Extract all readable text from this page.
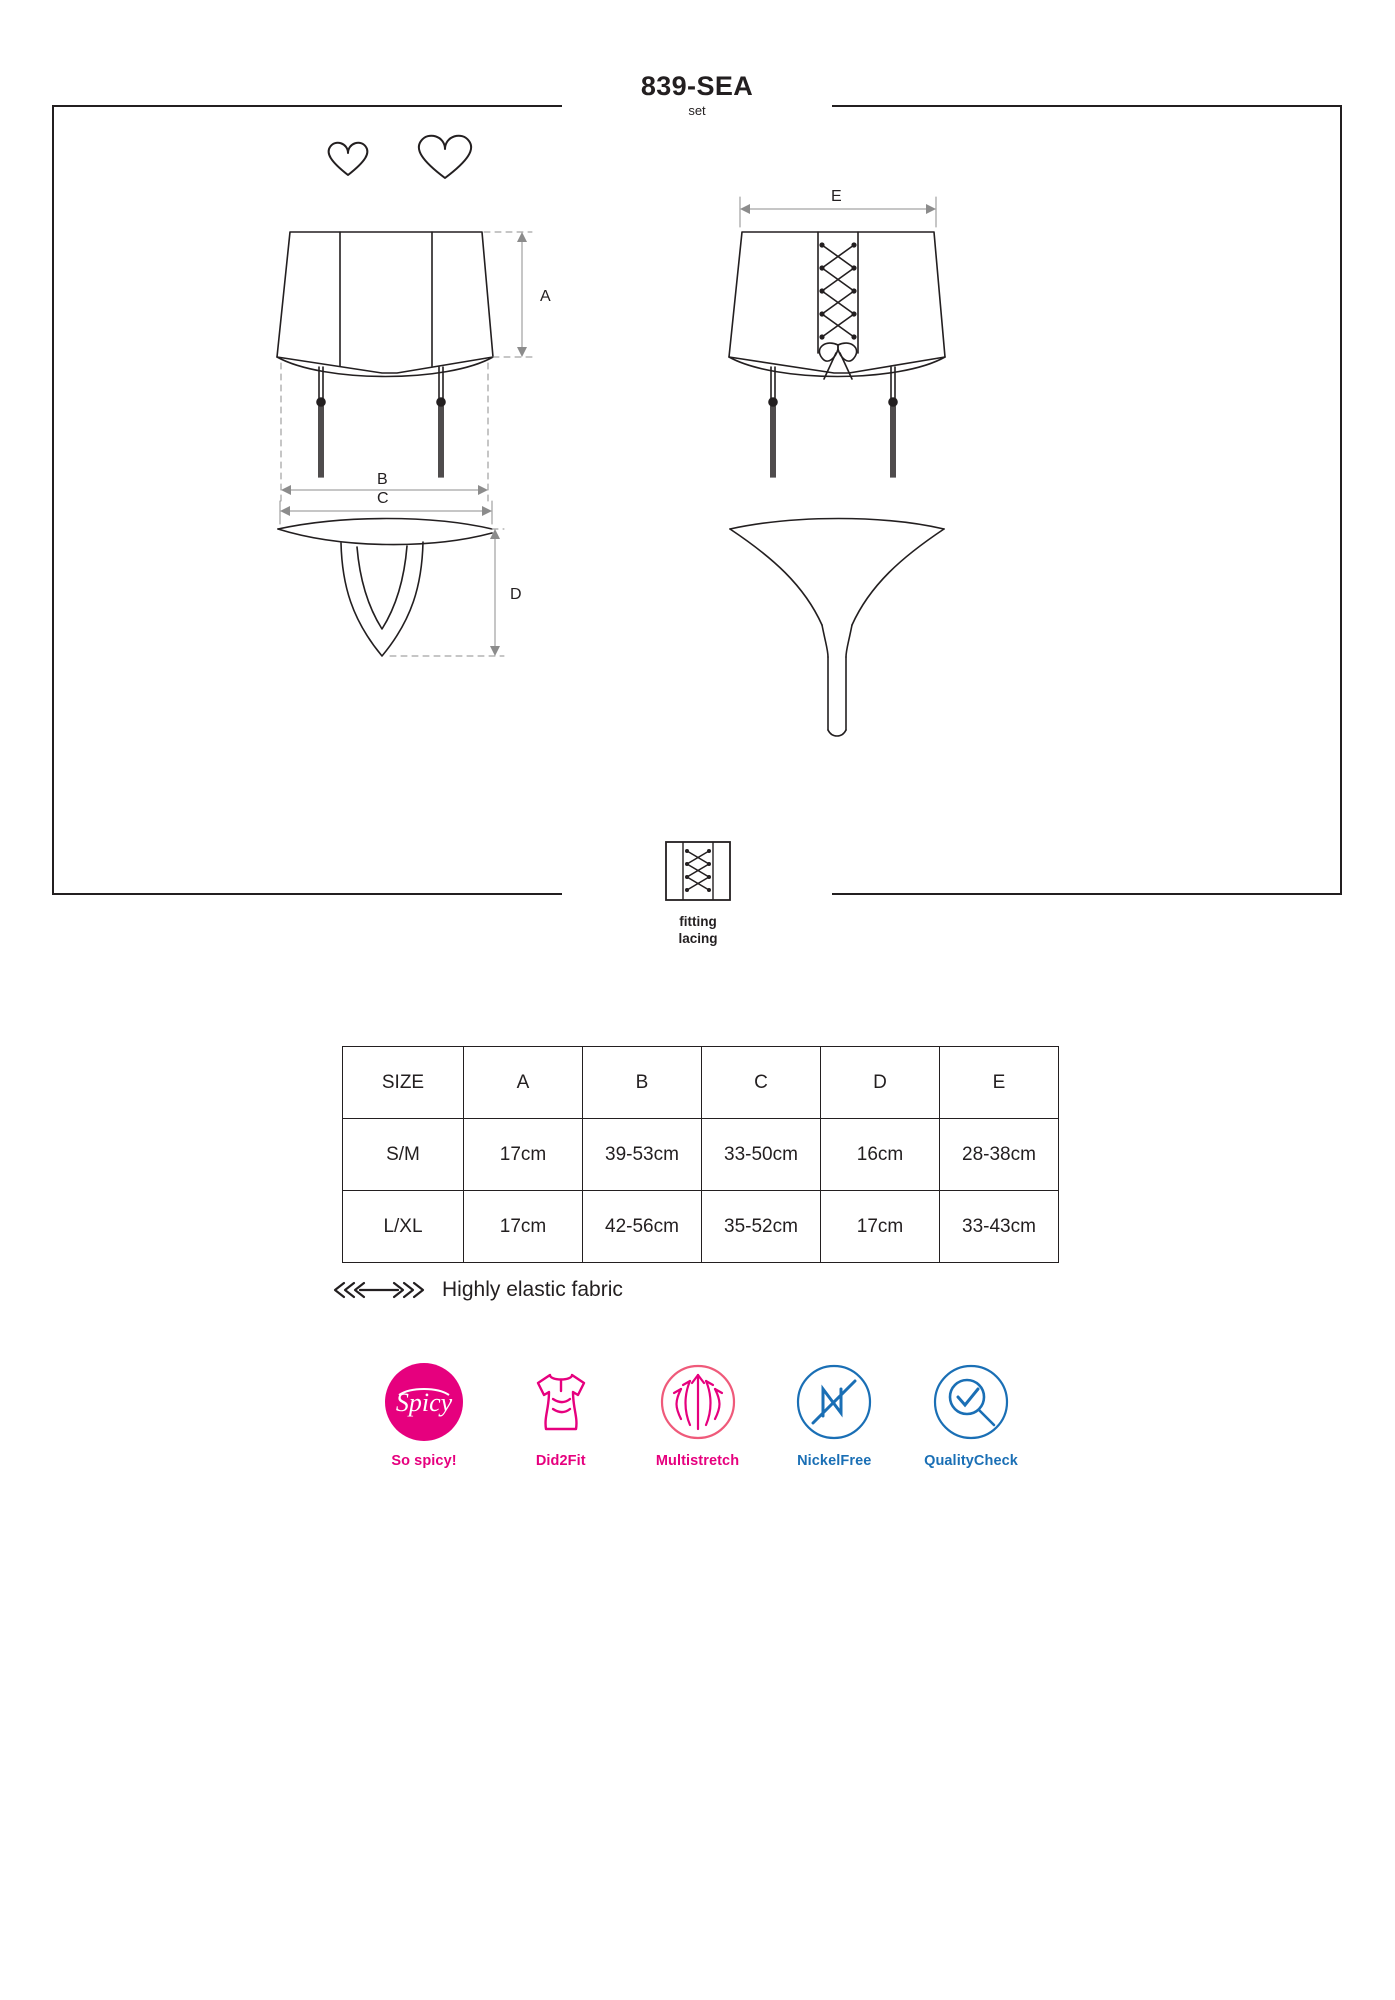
839-SEA
set
A
B
E
C
D
fitting
lacing
SIZE	A	B	C	D	E
S/M	17cm	39-53cm	33-50cm	16cm	28-38cm
L/XL	17cm	42-56cm	35-52cm	17cm	33-43cm
Highly elastic fabric
Spicy
So spicy!	Did2Fit	Multistretch	NickelFree	QualityCheck
